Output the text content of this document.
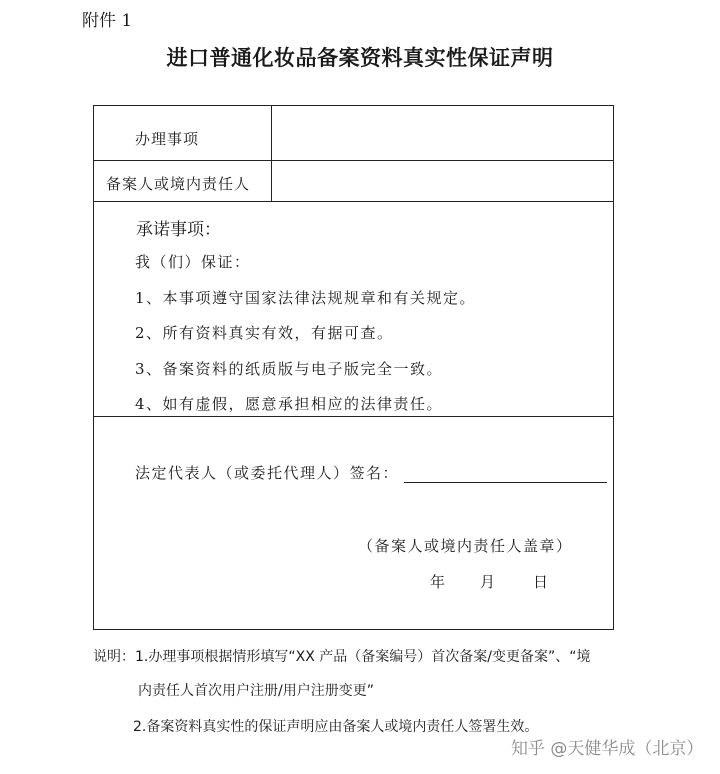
附件 1
进口普通化妆品备案资料真实性保证声明
办理事项
备案人或境内责任人
承诺事项：
我（们）保证：
1、本事项遵守国家法律法规规章和有关规定。
2、所有资料真实有效，有据可查。
3、备案资料的纸质版与电子版完全一致。
4、如有虚假，愿意承担相应的法律责任。
法定代表人（或委托代理人）签名：
（备案人或境内责任人盖章）
年 月 日
说明：1.办理事项根据情形填写“XX 产品（备案编号）首次备案/变更备案”、“境
内责任人首次用户注册/用户注册变更”
2.备案资料真实性的保证声明应由备案人或境内责任人签署生效。
知乎 @天健华成（北京）
